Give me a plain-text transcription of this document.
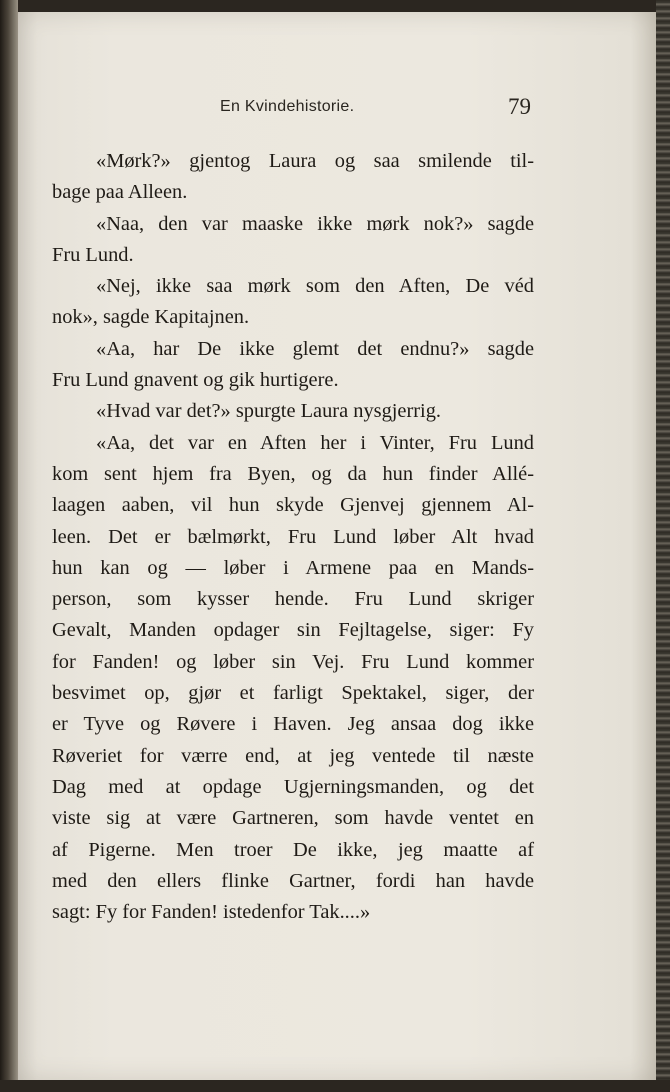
En Kvindehistorie.	79
«Mørk?» gjentog Laura og saa smilende til-
bage paa Alleen.
«Naa, den var maaske ikke mørk nok?» sagde
Fru Lund.
«Nej, ikke saa mørk som den Aften, De véd
nok», sagde Kapitajnen.
«Aa, har De ikke glemt det endnu?» sagde
Fru Lund gnavent og gik hurtigere.
«Hvad var det?» spurgte Laura nysgjerrig.
«Aa, det var en Aften her i Vinter, Fru Lund
kom sent hjem fra Byen, og da hun finder Allé-
laagen aaben, vil hun skyde Gjenvej gjennem Al-
leen. Det er bælmørkt, Fru Lund løber Alt hvad
hun kan og — løber i Armene paa en Mands-
person, som kysser hende. Fru Lund skriger
Gevalt, Manden opdager sin Fejltagelse, siger: Fy
for Fanden! og løber sin Vej. Fru Lund kommer
besvimet op, gjør et farligt Spektakel, siger, der
er Tyve og Røvere i Haven. Jeg ansaa dog ikke
Røveriet for værre end, at jeg ventede til næste
Dag med at opdage Ugjerningsmanden, og det
viste sig at være Gartneren, som havde ventet en
af Pigerne. Men troer De ikke, jeg maatte af
med den ellers flinke Gartner, fordi han havde
sagt: Fy for Fanden! istedenfor Tak....»
